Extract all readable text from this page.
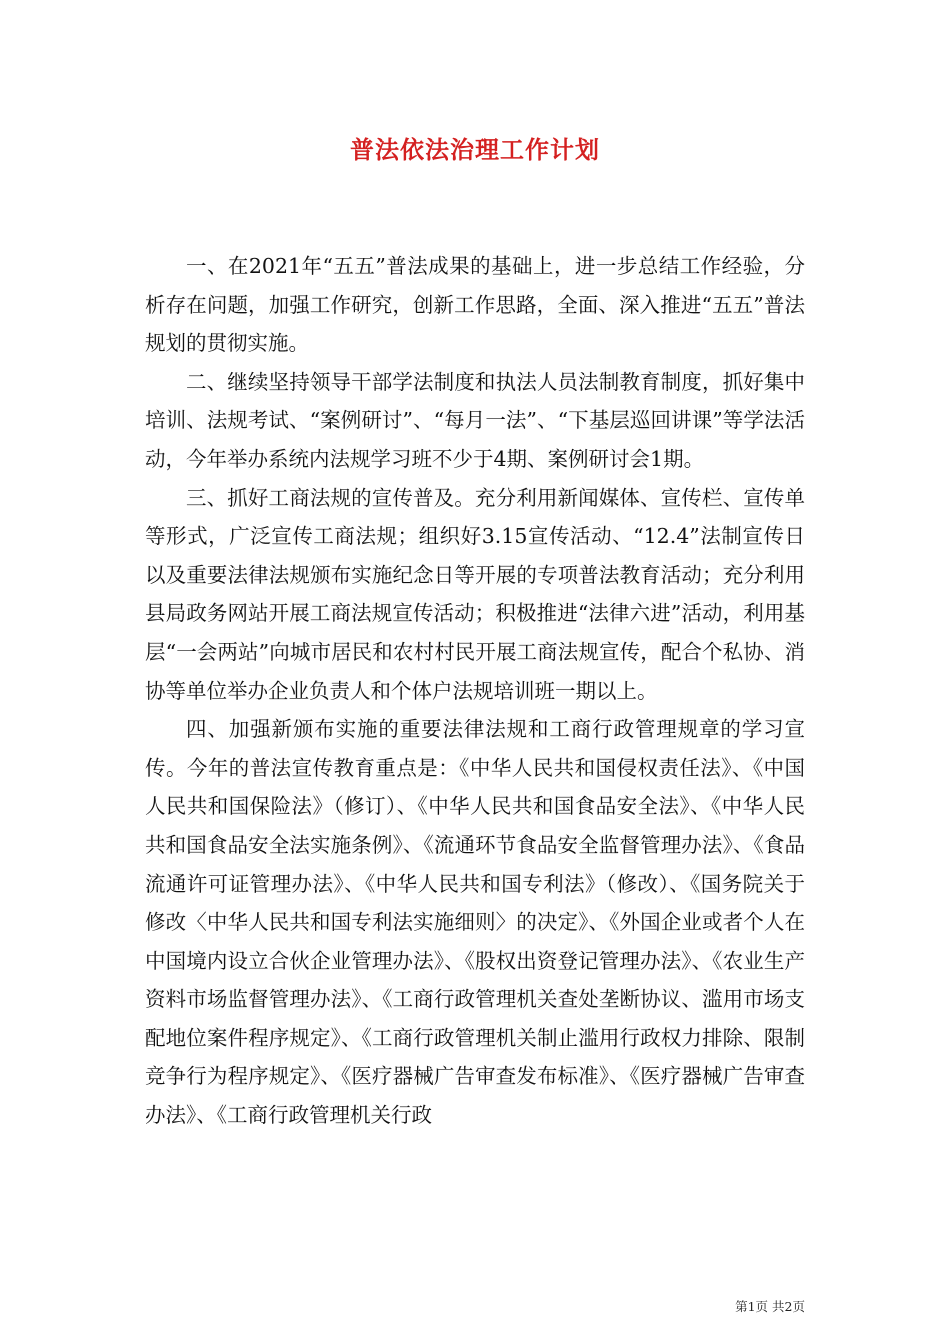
普法依法治理工作计划

一、在2021年“五五”普法成果的基础上，进一步总结工作经验，分析存在问题，加强工作研究，创新工作思路，全面、深入推进“五五”普法规划的贯彻实施。

二、继续坚持领导干部学法制度和执法人员法制教育制度，抓好集中培训、法规考试、“案例研讨”、“每月一法”、“下基层巡回讲课”等学法活动，今年举办系统内法规学习班不少于4期、案例研讨会1期。

三、抓好工商法规的宣传普及。充分利用新闻媒体、宣传栏、宣传单等形式，广泛宣传工商法规；组织好3.15宣传活动、“12.4”法制宣传日以及重要法律法规颁布实施纪念日等开展的专项普法教育活动；充分利用县局政务网站开展工商法规宣传活动；积极推进“法律六进”活动，利用基层“一会两站”向城市居民和农村村民开展工商法规宣传，配合个私协、消协等单位举办企业负责人和个体户法规培训班一期以上。

四、加强新颁布实施的重要法律法规和工商行政管理规章的学习宣传。今年的普法宣传教育重点是：《中华人民共和国侵权责任法》、《中国人民共和国保险法》（修订）、《中华人民共和国食品安全法》、《中华人民共和国食品安全法实施条例》、《流通环节食品安全监督管理办法》、《食品流通许可证管理办法》、《中华人民共和国专利法》（修改）、《国务院关于修改〈中华人民共和国专利法实施细则〉的决定》、《外国企业或者个人在中国境内设立合伙企业管理办法》、《股权出资登记管理办法》、《农业生产资料市场监督管理办法》、《工商行政管理机关查处垄断协议、滥用市场支配地位案件程序规定》、《工商行政管理机关制止滥用行政权力排除、限制竞争行为程序规定》、《医疗器械广告审查发布标准》、《医疗器械广告审查办法》、《工商行政管理机关行政

第1页 共2页
